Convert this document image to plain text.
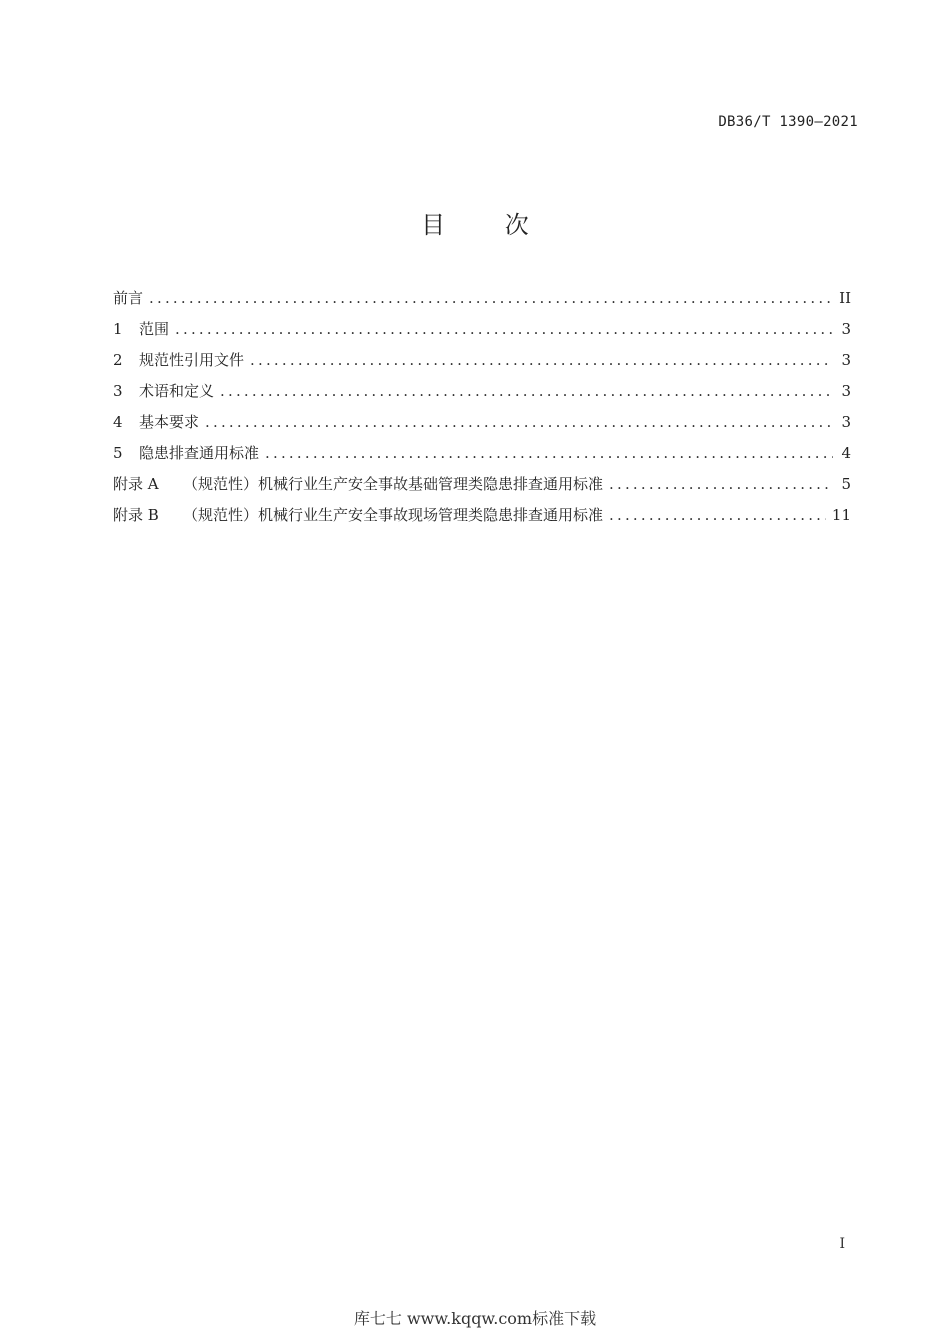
DB36/T 1390—2021
目 次
前言 .....	II
1	范围 .....	3
2	规范性引用文件 .....	3
3	术语和定义 .....	3
4	基本要求 .....	3
5	隐患排查通用标准 .....	4
附录 A	（规范性）机械行业生产安全事故基础管理类隐患排查通用标准 .....	5
附录 B	（规范性）机械行业生产安全事故现场管理类隐患排查通用标准 .....	11
I
库七七 www.kqqw.com标准下载
